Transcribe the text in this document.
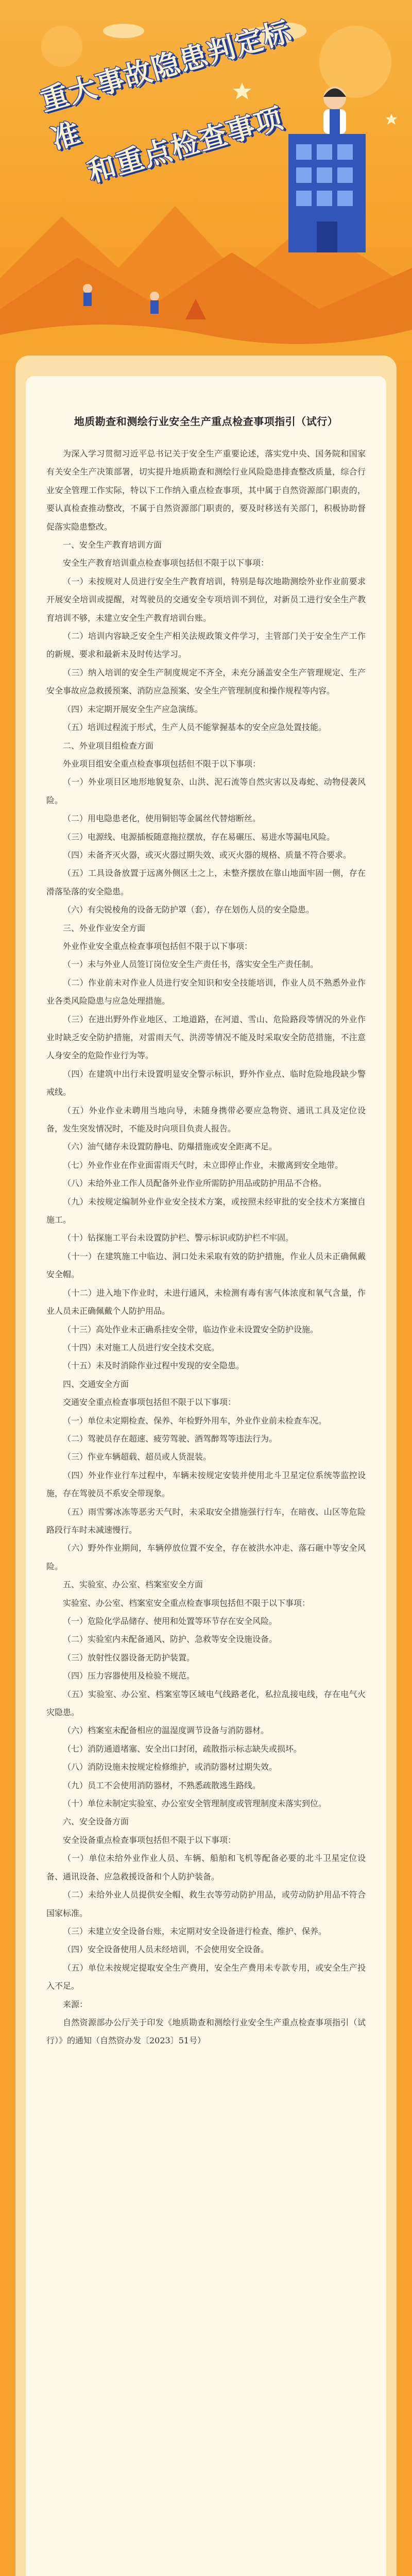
重大事故隐患判定标准 和重点检查事项
地质勘查和测绘行业安全生产重点检查事项指引（试行）

为深入学习贯彻习近平总书记关于安全生产重要论述，落实党中央、国务院和国家有关安全生产决策部署，切实提升地质勘查和测绘行业风险隐患排查整改质量，综合行业安全管理工作实际，特以下工作纳入重点检查事项，其中属于自然资源部门职责的，要认真检查推动整改，不属于自然资源部门职责的，要及时移送有关部门，积极协助督促落实隐患整改。

一、安全生产教育培训方面

安全生产教育培训重点检查事项包括但不限于以下事项：

（一）未按规对人员进行安全生产教育培训，特别是每次地勘测绘外业作业前要求开展安全培训或提醒，对驾驶员的交通安全专项培训不到位，对新员工进行安全生产教育培训不够，未建立安全生产教育培训台账。

（二）培训内容缺乏安全生产相关法规政策文件学习，主管部门关于安全生产工作的新规、要求和最新未及时传达学习。

（三）纳入培训的安全生产制度规定不齐全，未充分涵盖安全生产管理规定、生产安全事故应急救援预案、消防应急预案、安全生产管理制度和操作规程等内容。

（四）未定期开展安全生产应急演练。

（五）培训过程流于形式，生产人员不能掌握基本的安全应急处置技能。

二、外业项目组检查方面

外业项目组安全重点检查事项包括但不限于以下事项：

（一）外业项目区地形地貌复杂、山洪、泥石流等自然灾害以及毒蛇、动物侵袭风险。

（二）用电隐患老化，使用铜铝等金属丝代替熔断丝。

（三）电源线、电源插板随意拖拉摆放，存在易碾压、易进水等漏电风险。

（四）未备齐灭火器，或灭火器过期失效、或灭火器的规格、质量不符合要求。

（五）工具设备放置于远离外侧区土之上，未整齐摆放在靠山地面牢固一侧，存在滑落坠落的安全隐患。

（六）有尖锐棱角的设备无防护罩（套），存在划伤人员的安全隐患。

三、外业作业安全方面

外业作业安全重点检查事项包括但不限于以下事项：

（一）未与外业人员签订岗位安全生产责任书，落实安全生产责任制。

（二）作业前未对作业人员进行安全知识和安全技能培训，作业人员不熟悉外业作业各类风险隐患与应急处理措施。

（三）在进出野外作业地区、工地道路，在河道、雪山、危险路段等情况的外业作业时缺乏安全防护措施，对雷雨天气、洪涝等情况不能及时采取安全防范措施，不注意人身安全的危险作业行为等。

（四）在建筑中出行未设置明显安全警示标识，野外作业点、临时危险地段缺少警戒线。

（五）外业作业未聘用当地向导，未随身携带必要应急物资、通讯工具及定位设备，发生突发情况时，不能及时向项目负责人报告。

（六）油气储存未设置防静电、防爆措施或安全距离不足。

（七）外业作业在作业面雷雨天气时，未立即停止作业，未撤离到安全地带。

（八）未给外业工作人员配备外业作业所需防护用品或防护用品不合格。

（九）未按规定编制外业作业安全技术方案，或按照未经审批的安全技术方案擅自施工。

（十）钻探施工平台未设置防护栏、警示标识或防护栏不牢固。

（十一）在建筑施工中临边、洞口处未采取有效的防护措施，作业人员未正确佩戴安全帽。

（十二）进入地下作业时，未进行通风，未检测有毒有害气体浓度和氧气含量，作业人员未正确佩戴个人防护用品。

（十三）高处作业未正确系挂安全带，临边作业未设置安全防护设施。

（十四）未对施工人员进行安全技术交底。

（十五）未及时消除作业过程中发现的安全隐患。

四、交通安全方面

交通安全重点检查事项包括但不限于以下事项：

（一）单位未定期检查、保养、年检野外用车，外业作业前未检查车况。

（二）驾驶员存在超速、疲劳驾驶、酒驾醉驾等违法行为。

（三）作业车辆超载、超员或人货混装。

（四）外业作业行车过程中，车辆未按规定安装并使用北斗卫星定位系统等监控设施，存在驾驶员不系安全带现象。

（五）雨雪雾冰冻等恶劣天气时，未采取安全措施强行行车，在暗夜、山区等危险路段行车时未减速慢行。

（六）野外作业期间，车辆停放位置不安全，存在被洪水冲走、落石砸中等安全风险。

五、实验室、办公室、档案室安全方面

实验室、办公室、档案室安全重点检查事项包括但不限于以下事项：

（一）危险化学品储存、使用和处置等环节存在安全风险。

（二）实验室内未配备通风、防护、急救等安全设施设备。

（三）放射性仪器设备无防护装置。

（四）压力容器使用及检验不规范。

（五）实验室、办公室、档案室等区域电气线路老化，私拉乱接电线，存在电气火灾隐患。

（六）档案室未配备相应的温湿度调节设备与消防器材。

（七）消防通道堵塞、安全出口封闭，疏散指示标志缺失或损坏。

（八）消防设施未按规定检修维护，或消防器材过期失效。

（九）员工不会使用消防器材，不熟悉疏散逃生路线。

（十）单位未制定实验室、办公室安全管理制度或管理制度未落实到位。

六、安全设备方面

安全设备重点检查事项包括但不限于以下事项：

（一）单位未给外业作业人员、车辆、船舶和飞机等配备必要的北斗卫星定位设备、通讯设备、应急救援设备和个人防护装备。

（二）未给外业人员提供安全帽、救生衣等劳动防护用品，或劳动防护用品不符合国家标准。

（三）未建立安全设备台账，未定期对安全设备进行检查、维护、保养。

（四）安全设备使用人员未经培训，不会使用安全设备。

（五）单位未按规定提取安全生产费用，安全生产费用未专款专用，或安全生产投入不足。

来源：

自然资源部办公厅关于印发《地质勘查和测绘行业安全生产重点检查事项指引（试行）》的通知（自然资办发〔2023〕51号）
